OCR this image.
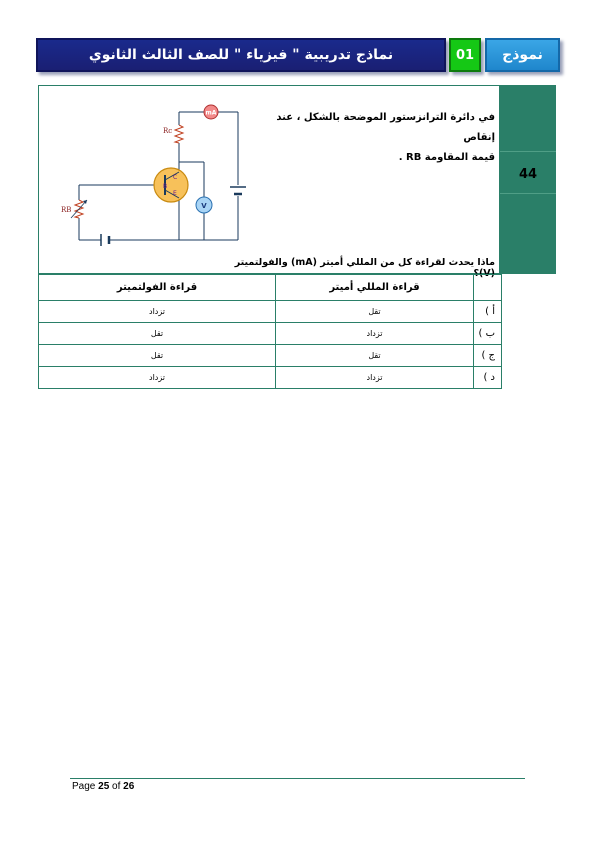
نماذج تدريبية " فيزياء " للصف الثالث الثانوي	01	نموذج
44
في دائرة الترانزستور الموضحة بالشكل ، عند إنقاص
قيمة المقاومة RB .
ماذا يحدث لقراءة كل من المللي أميتر (mA) والفولتميتر (V)؟
mA
Rc
C
B
E
V
RB
	قراءة المللي أميتر	قراءة الفولتميتر
أ )	تقل	تزداد
ب )	تزداد	تقل
ج )	تقل	تقل
د )	تزداد	تزداد
Page 25 of 26
